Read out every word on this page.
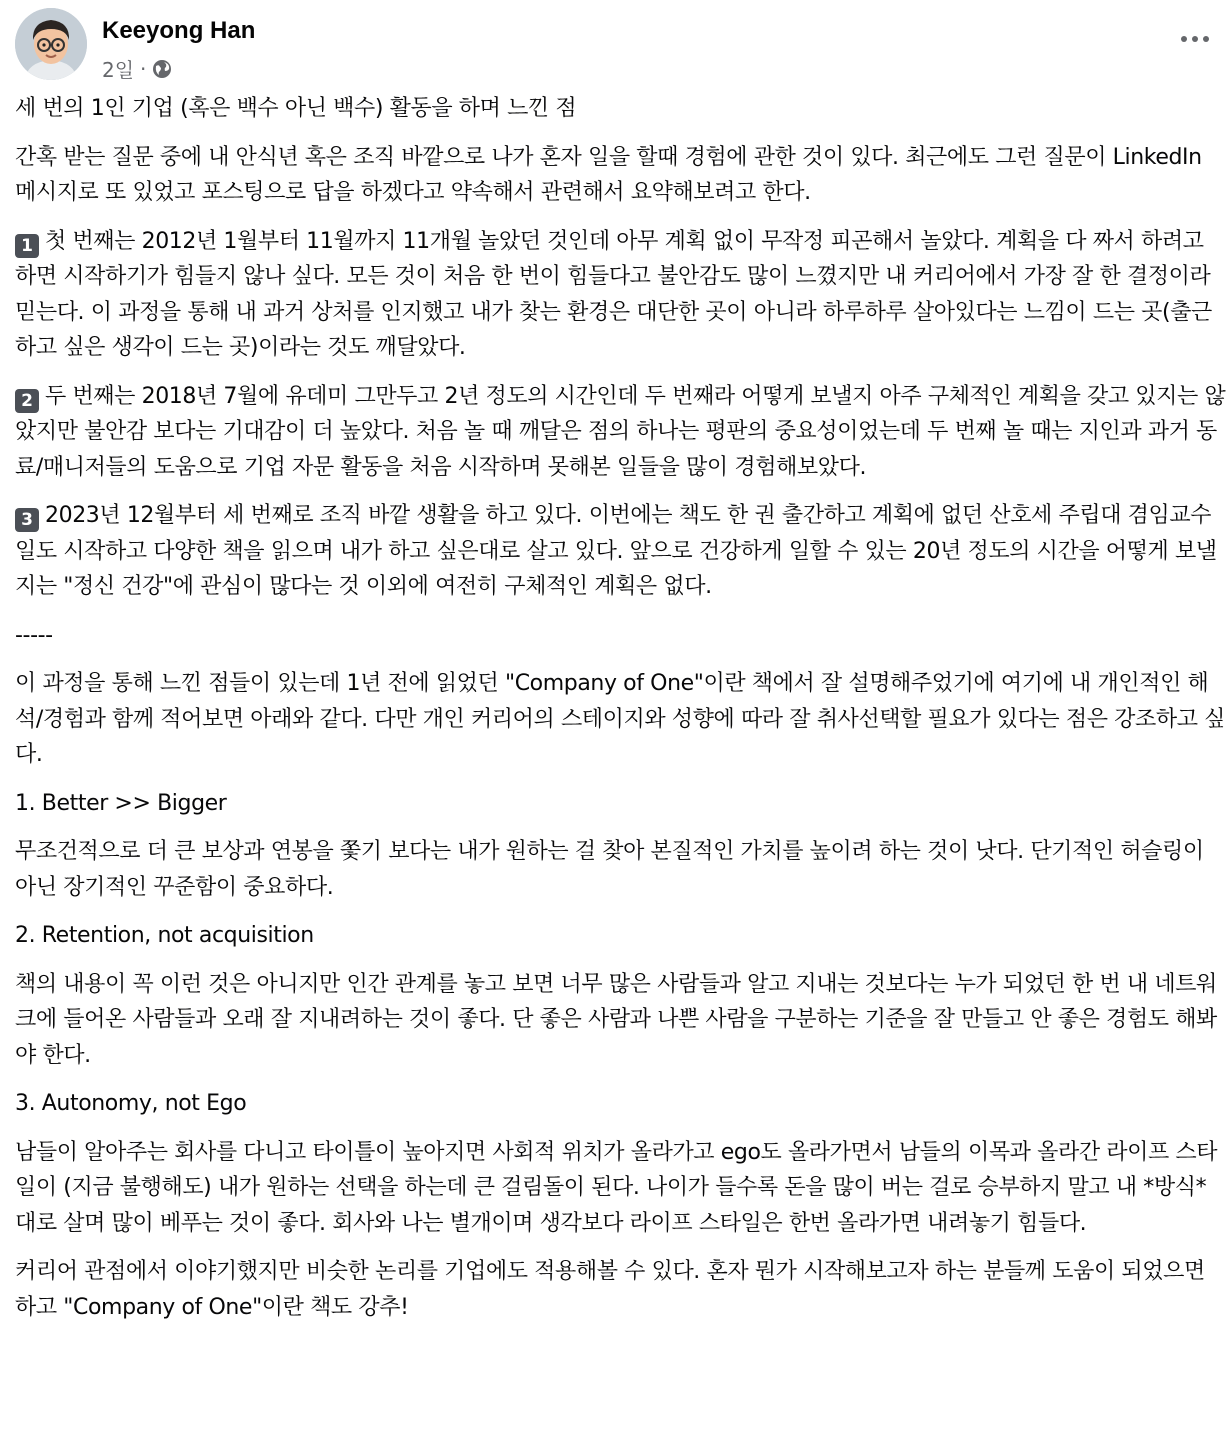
Keeyong Han
2일 ·

세 번의 1인 기업 (혹은 백수 아닌 백수) 활동을 하며 느낀 점

간혹 받는 질문 중에 내 안식년 혹은 조직 바깥으로 나가 혼자 일을 할때 경험에 관한 것이 있다. 최근에도 그런 질문이 LinkedIn 메시지로 또 있었고 포스팅으로 답을 하겠다고 약속해서 관련해서 요약해보려고 한다.

1 첫 번째는 2012년 1월부터 11월까지 11개월 놀았던 것인데 아무 계획 없이 무작정 피곤해서 놀았다. 계획을 다 짜서 하려고 하면 시작하기가 힘들지 않나 싶다. 모든 것이 처음 한 번이 힘들다고 불안감도 많이 느꼈지만 내 커리어에서 가장 잘 한 결정이라 믿는다. 이 과정을 통해 내 과거 상처를 인지했고 내가 찾는 환경은 대단한 곳이 아니라 하루하루 살아있다는 느낌이 드는 곳(출근하고 싶은 생각이 드는 곳)이라는 것도 깨달았다.

2 두 번째는 2018년 7월에 유데미 그만두고 2년 정도의 시간인데 두 번째라 어떻게 보낼지 아주 구체적인 계획을 갖고 있지는 않았지만 불안감 보다는 기대감이 더 높았다. 처음 놀 때 깨달은 점의 하나는 평판의 중요성이었는데 두 번째 놀 때는 지인과 과거 동료/매니저들의 도움으로 기업 자문 활동을 처음 시작하며 못해본 일들을 많이 경험해보았다.

3 2023년 12월부터 세 번째로 조직 바깥 생활을 하고 있다. 이번에는 책도 한 권 출간하고 계획에 없던 산호세 주립대 겸임교수 일도 시작하고 다양한 책을 읽으며 내가 하고 싶은대로 살고 있다. 앞으로 건강하게 일할 수 있는 20년 정도의 시간을 어떻게 보낼지는 "정신 건강"에 관심이 많다는 것 이외에 여전히 구체적인 계획은 없다.

-----

이 과정을 통해 느낀 점들이 있는데 1년 전에 읽었던 "Company of One"이란 책에서 잘 설명해주었기에 여기에 내 개인적인 해석/경험과 함께 적어보면 아래와 같다. 다만 개인 커리어의 스테이지와 성향에 따라 잘 취사선택할 필요가 있다는 점은 강조하고 싶다.

1. Better >> Bigger

무조건적으로 더 큰 보상과 연봉을 쫓기 보다는 내가 원하는 걸 찾아 본질적인 가치를 높이려 하는 것이 낫다. 단기적인 허슬링이 아닌 장기적인 꾸준함이 중요하다.

2. Retention, not acquisition

책의 내용이 꼭 이런 것은 아니지만 인간 관계를 놓고 보면 너무 많은 사람들과 알고 지내는 것보다는 누가 되었던 한 번 내 네트워크에 들어온 사람들과 오래 잘 지내려하는 것이 좋다. 단 좋은 사람과 나쁜 사람을 구분하는 기준을 잘 만들고 안 좋은 경험도 해봐야 한다.

3. Autonomy, not Ego

남들이 알아주는 회사를 다니고 타이틀이 높아지면 사회적 위치가 올라가고 ego도 올라가면서 남들의 이목과 올라간 라이프 스타일이 (지금 불행해도) 내가 원하는 선택을 하는데 큰 걸림돌이 된다. 나이가 들수록 돈을 많이 버는 걸로 승부하지 말고 내 *방식*대로 살며 많이 베푸는 것이 좋다. 회사와 나는 별개이며 생각보다 라이프 스타일은 한번 올라가면 내려놓기 힘들다.

커리어 관점에서 이야기했지만 비슷한 논리를 기업에도 적용해볼 수 있다. 혼자 뭔가 시작해보고자 하는 분들께 도움이 되었으면 하고 "Company of One"이란 책도 강추!
